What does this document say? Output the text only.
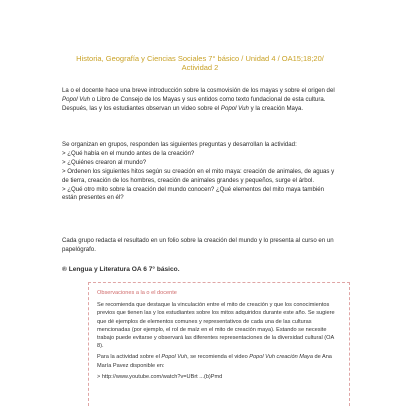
Historia, Geografía y Ciencias Sociales 7° básico / Unidad 4 / OA15;18;20/
Actividad 2

La o el docente hace una breve introducción sobre la cosmovisión de los mayas y sobre el origen del Popol Vuh o Libro de Consejo de los Mayas y sus entidos como texto fundacional de esta cultura. Después, las y los estudiantes observan un video sobre el Popol Vuh y la creación Maya.

Se organizan en grupos, responden las siguientes preguntas y desarrollan la actividad:

> ¿Qué había en el mundo antes de la creación?
> ¿Quiénes crearon al mundo?
> Ordenen los siguientes hitos según su creación en el mito maya: creación de animales, de aguas y de tierra, creación de los hombres, creación de animales grandes y pequeños, surge el árbol.
> ¿Qué otro mito sobre la creación del mundo conocen? ¿Qué elementos del mito maya también están presentes en él?

Cada grupo redacta el resultado en un folio sobre la creación del mundo y lo presenta al curso en un papelógrafo.

® Lengua y Literatura OA 6 7° básico.
Observaciones a la o el docente

Se recomienda que destaque la vinculación entre el mito de creación y que los conocimientos previos que tienen las y los estudiantes sobre los mitos adquiridos durante este año. Se sugiere que dé ejemplos de elementos comunes y representativos de cada una de las culturas mencionadas (por ejemplo, el rol de maíz en el mito de creación maya). Estando se necesite trabajo puede evitarse y observará las diferentes representaciones de la diversidad cultural (OA 8).

Para la actividad sobre el Popol Vuh, se recomienda el video Popol Vuh creación Maya de Ana María Pavez disponible en:

> http://www.youtube.com/watch?v=UBrt ...(b)Pmd
